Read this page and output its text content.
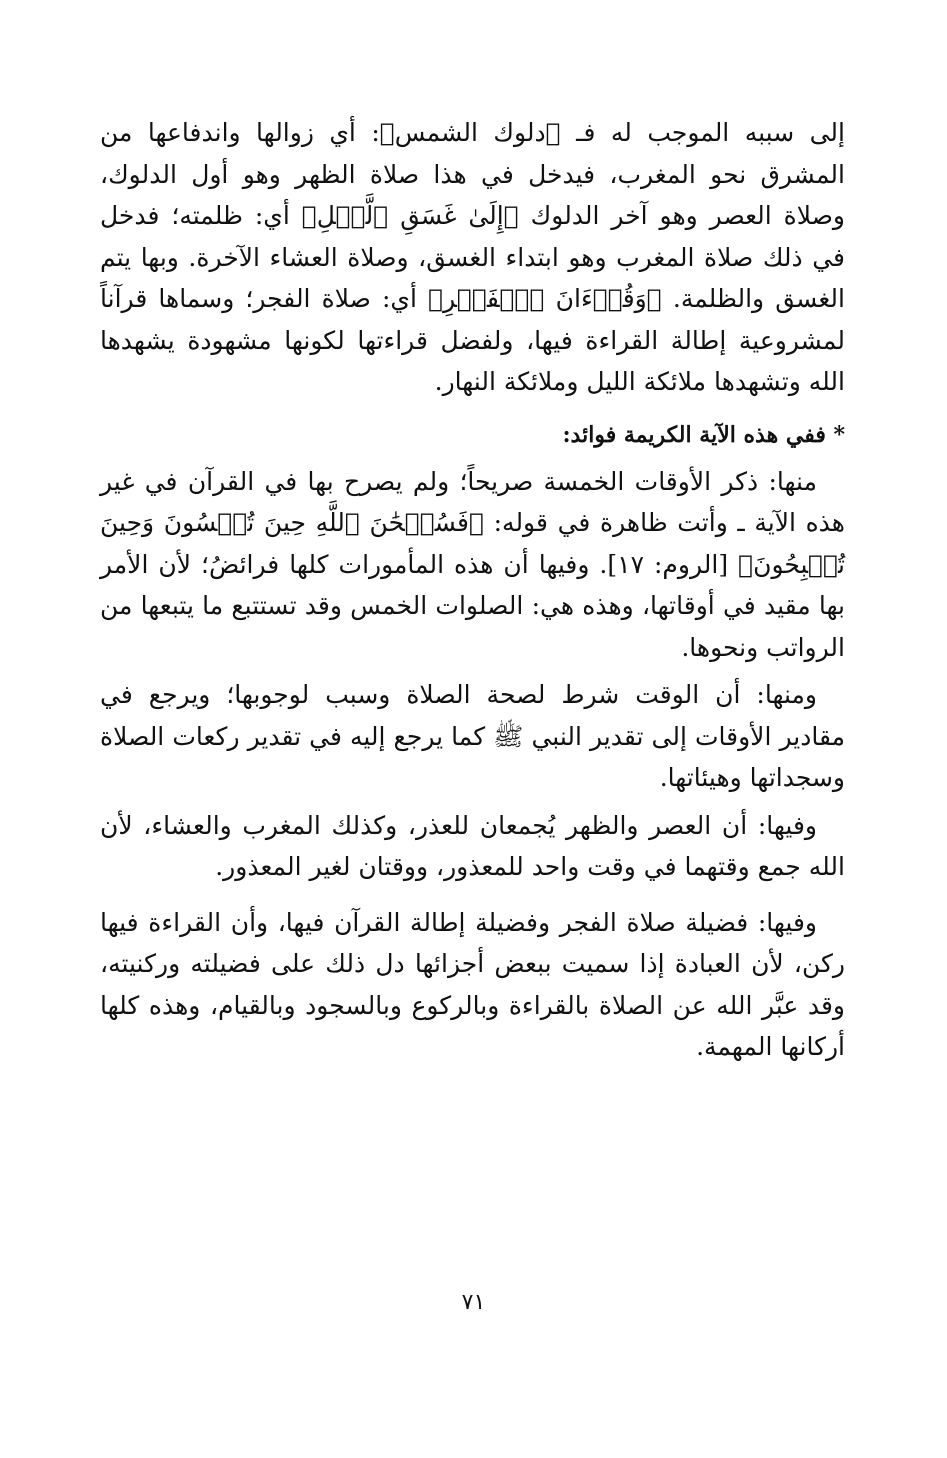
إلى سببه الموجب له فـ ﴿دلوك الشمس﴾: أي زوالها واندفاعها من المشرق نحو المغرب، فيدخل في هذا صلاة الظهر وهو أول الدلوك، وصلاة العصر وهو آخر الدلوك ﴿إِلَىٰ غَسَقِ ٱلَّيۡلِ﴾ أي: ظلمته؛ فدخل في ذلك صلاة المغرب وهو ابتداء الغسق، وصلاة العشاء الآخرة. وبها يتم الغسق والظلمة. ﴿وَقُرۡءَانَ ٱلۡفَجۡرِ﴾ أي: صلاة الفجر؛ وسماها قرآناً لمشروعية إطالة القراءة فيها، ولفضل قراءتها لكونها مشهودة يشهدها الله وتشهدها ملائكة الليل وملائكة النهار.

* ففي هذه الآية الكريمة فوائد:

منها: ذكر الأوقات الخمسة صريحاً؛ ولم يصرح بها في القرآن في غير هذه الآية ـ وأتت ظاهرة في قوله: ﴿فَسُبۡحَٰنَ ٱللَّهِ حِينَ تُمۡسُونَ وَحِينَ تُصۡبِحُونَ﴾ [الروم: ١٧]. وفيها أن هذه المأمورات كلها فرائضُ؛ لأن الأمر بها مقيد في أوقاتها، وهذه هي: الصلوات الخمس وقد تستتبع ما يتبعها من الرواتب ونحوها.

ومنها: أن الوقت شرط لصحة الصلاة وسبب لوجوبها؛ ويرجع في مقادير الأوقات إلى تقدير النبي ﷺ كما يرجع إليه في تقدير ركعات الصلاة وسجداتها وهيئاتها.

وفيها: أن العصر والظهر يُجمعان للعذر، وكذلك المغرب والعشاء، لأن الله جمع وقتهما في وقت واحد للمعذور، ووقتان لغير المعذور.

وفيها: فضيلة صلاة الفجر وفضيلة إطالة القرآن فيها، وأن القراءة فيها ركن، لأن العبادة إذا سميت ببعض أجزائها دل ذلك على فضيلته وركنيته، وقد عبَّر الله عن الصلاة بالقراءة وبالركوع وبالسجود وبالقيام، وهذه كلها أركانها المهمة.

٧١
